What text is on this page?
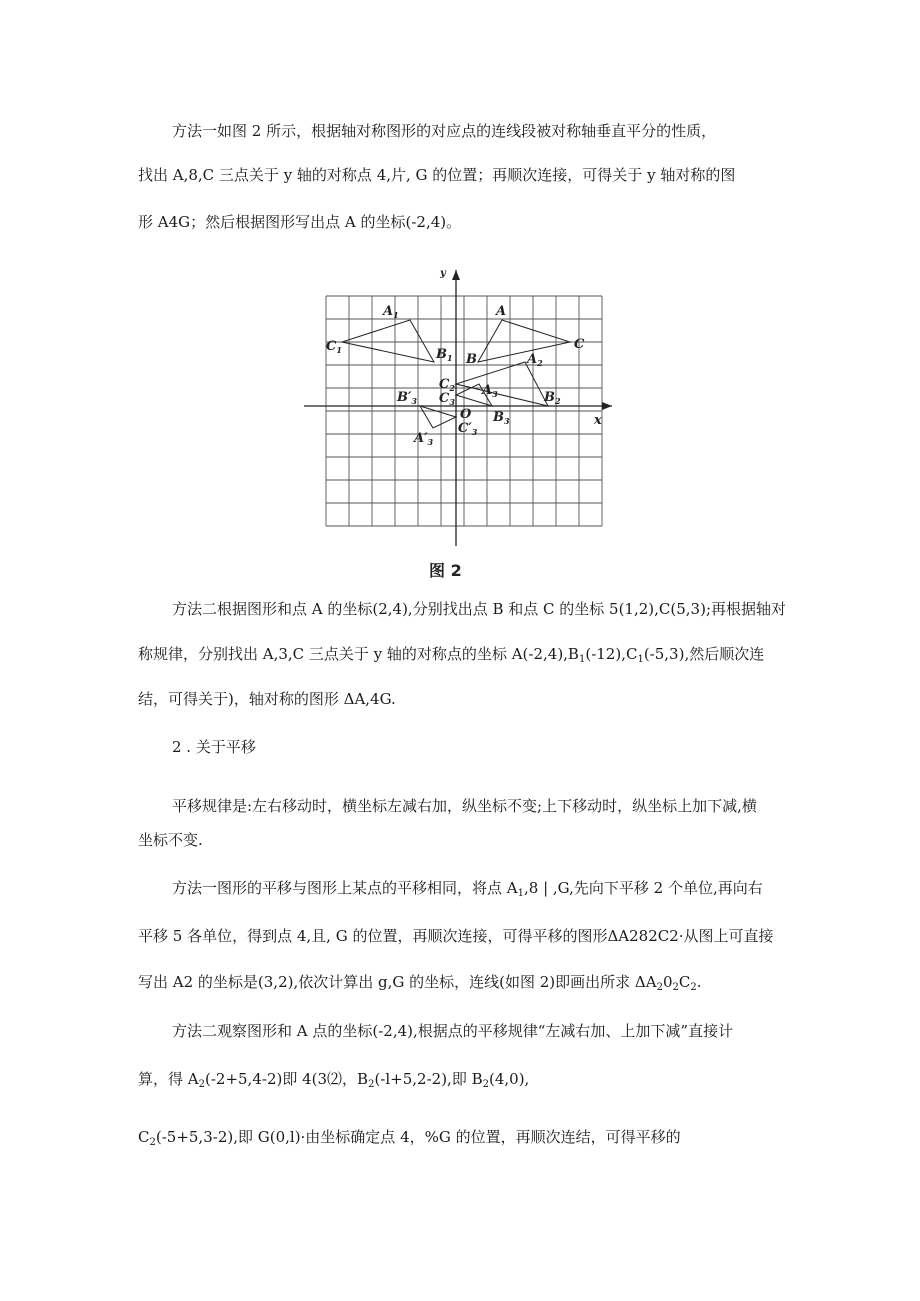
方法一如图 2 所示，根据轴对称图形的对应点的连线段被对称轴垂直平分的性质，
找出 A,8,C 三点关于 y 轴的对称点 4,片, G 的位置；再顺次连接，可得关于 y 轴对称的图
形 A4G；然后根据图形写出点 A 的坐标(-2,4)。
x
y
O
A
B
C
$A_1$
$B_1$
$C_1$
$A_2$
$B_2$
$C_2$ $A_3$
$B_3$
$C_3$
$A'_3$
$B'_3$
$C'_3$
图 2
方法二根据图形和点 A 的坐标(2,4),分别找出点 B 和点 C 的坐标 5(1,2),C(5,3);再根据轴对
称规律，分别找出 A,3,C 三点关于 y 轴的对称点的坐标 $A(-2,4),B_1(-12),C_1(-5,3)$,然后顺次连
结，可得关于)，轴对称的图形 ΔA,4G.
2 . 关于平移
平移规律是:左右移动时，横坐标左减右加，纵坐标不变;上下移动时，纵坐标上加下减,横
坐标不变.
方法一图形的平移与图形上某点的平移相同，将点 $A_1,8$ | ,G,先向下平移 2 个单位,再向右
平移 5 各单位，得到点 4,且, G 的位置，再顺次连接，可得平移的图形ΔA282C2·从图上可直接
写出 A2 的坐标是(3,2),依次计算出 g,G 的坐标，连线(如图 2)即画出所求 $\Delta A_20_2C_2$.
方法二观察图形和 A 点的坐标(-2,4),根据点的平移规律“左减右加、上加下减”直接计
算，得 $A_2(-2+5,4-2)$即 4(3⑵，$B_2(-l+5,2-2)$,即 $B_2(4,0)$,
$C_2(-5+5,3-2)$,即 G(0,l)·由坐标确定点 4，%G 的位置，再顺次连结，可得平移的
